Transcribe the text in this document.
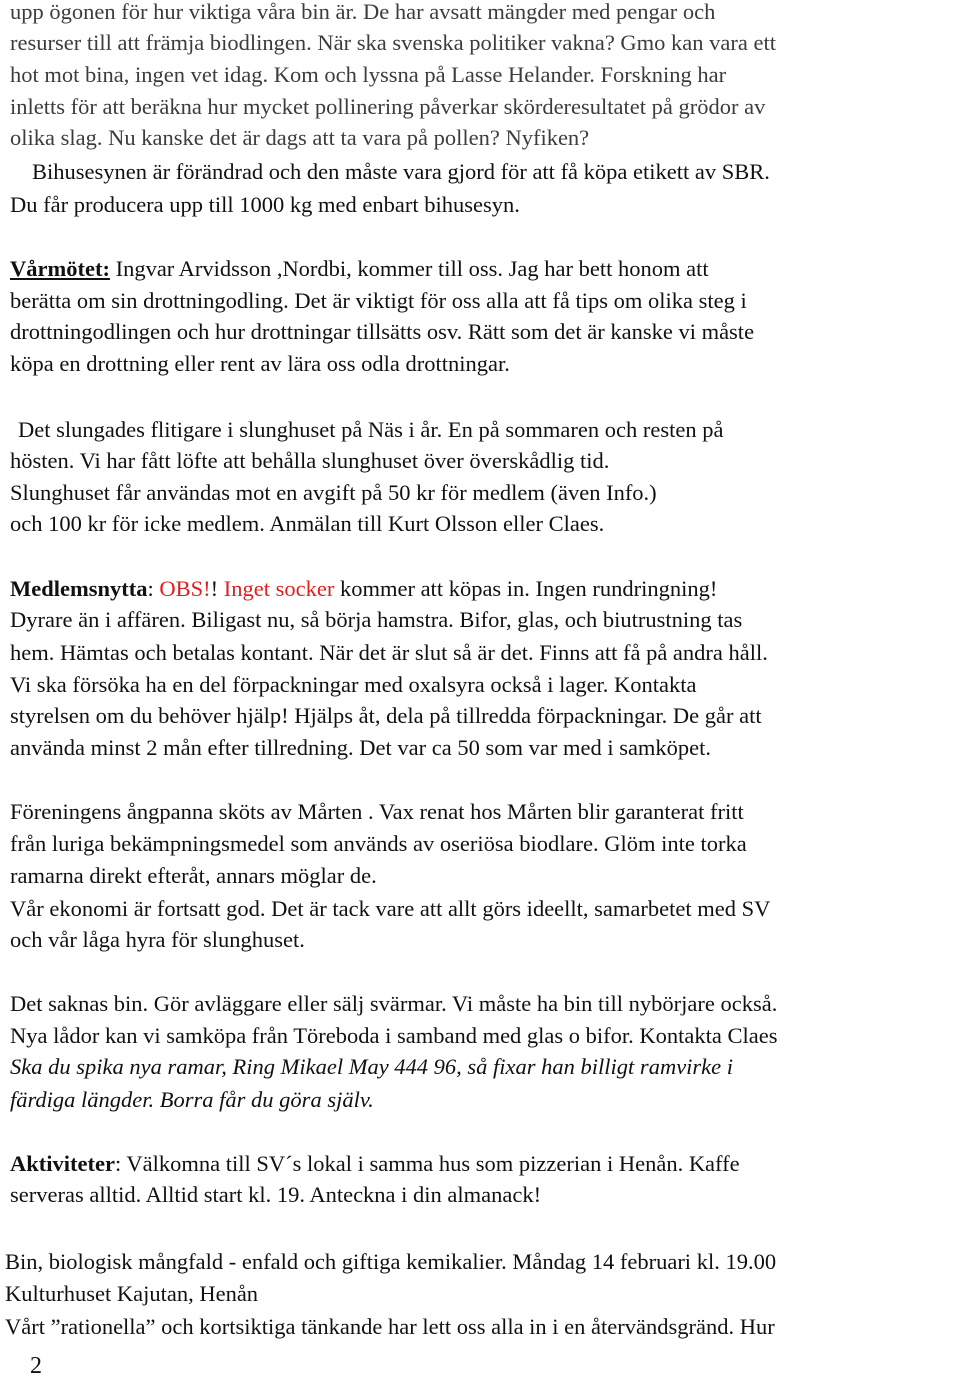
upp ögonen för hur viktiga våra bin är. De har avsatt mängder med pengar och
resurser till att främja biodlingen. När ska svenska politiker vakna? Gmo kan vara ett
hot mot bina, ingen vet idag. Kom och lyssna på Lasse Helander. Forskning har
inletts för att beräkna hur mycket pollinering påverkar skörderesultatet på grödor av
olika slag. Nu kanske det är dags att ta vara på pollen? Nyfiken?
Bihusesynen är förändrad och den måste vara gjord för att få köpa etikett av SBR.
Du får producera upp till 1000 kg med enbart bihusesyn.
Vårmötet: Ingvar Arvidsson ,Nordbi, kommer till oss. Jag har bett honom att
berätta om sin drottningodling. Det är viktigt för oss alla att få tips om olika steg i
drottningodlingen och hur drottningar tillsätts osv. Rätt som det är kanske vi måste
köpa en drottning eller rent av lära oss odla drottningar.
Det slungades flitigare i slunghuset på Näs i år. En på sommaren och resten på
hösten. Vi har fått löfte att behålla slunghuset över överskådlig tid.
Slunghuset får användas mot en avgift på 50 kr för medlem (även Info.)
och 100 kr för icke medlem. Anmälan till Kurt Olsson eller Claes.
Medlemsnytta: OBS!! Inget socker kommer att köpas in. Ingen rundringning!
Dyrare än i affären. Biligast nu, så börja hamstra. Bifor, glas, och biutrustning tas
hem. Hämtas och betalas kontant. När det är slut så är det. Finns att få på andra håll.
Vi ska försöka ha en del förpackningar med oxalsyra också i lager. Kontakta
styrelsen om du behöver hjälp! Hjälps åt, dela på tillredda förpackningar. De går att
använda minst 2 mån efter tillredning. Det var ca 50 som var med i samköpet.
Föreningens ångpanna sköts av Mårten . Vax renat hos Mårten blir garanterat fritt
från luriga bekämpningsmedel som används av oseriösa biodlare. Glöm inte torka
ramarna direkt efteråt, annars möglar de.
Vår ekonomi är fortsatt god. Det är tack vare att allt görs ideellt, samarbetet med SV
och vår låga hyra för slunghuset.
Det saknas bin. Gör avläggare eller sälj svärmar. Vi måste ha bin till nybörjare också.
Nya lådor kan vi samköpa från Töreboda i samband med glas o bifor. Kontakta Claes
Ska du spika nya ramar, Ring Mikael May 444 96, så fixar han billigt ramvirke i
färdiga längder. Borra får du göra själv.
Aktiviteter: Välkomna till SV´s lokal i samma hus som pizzerian i Henån. Kaffe
serveras alltid. Alltid start kl. 19. Anteckna i din almanack!
Bin, biologisk mångfald - enfald och giftiga kemikalier. Måndag 14 februari kl. 19.00
Kulturhuset Kajutan, Henån
Vårt ”rationella” och kortsiktiga tänkande har lett oss alla in i en återvändsgränd. Hur
2
